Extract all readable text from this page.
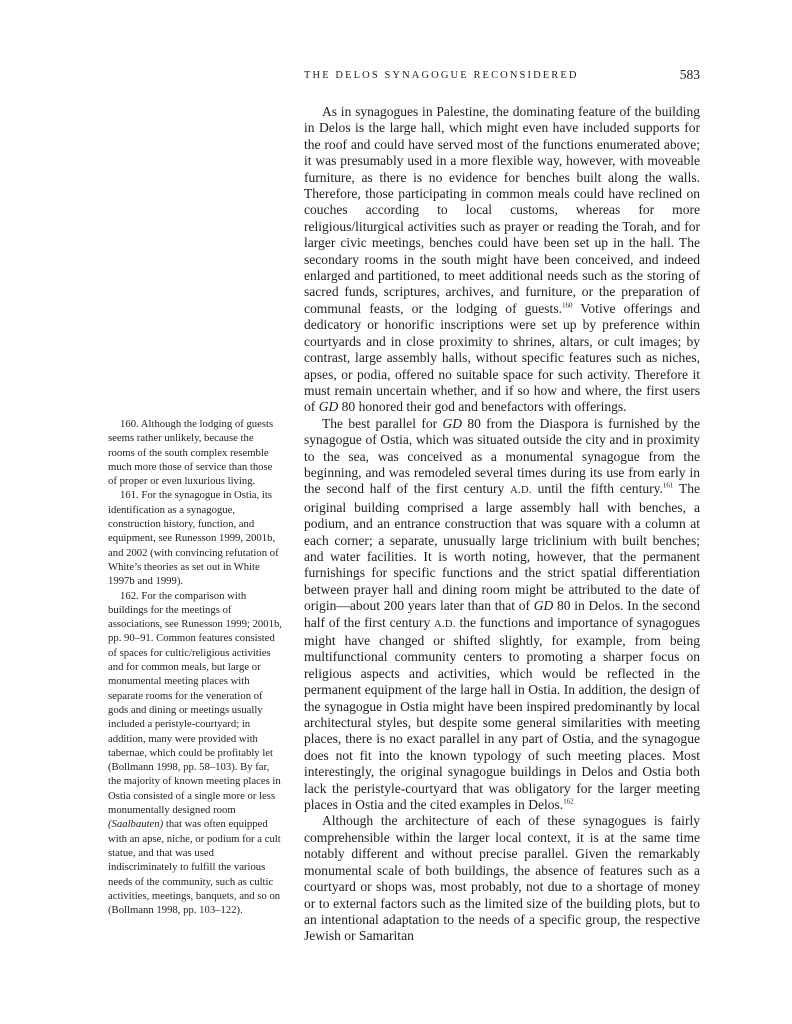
THE DELOS SYNAGOGUE RECONSIDERED	583

As in synagogues in Palestine, the dominating feature of the building in Delos is the large hall, which might even have included supports for the roof and could have served most of the functions enumerated above; it was presumably used in a more flexible way, however, with moveable furniture, as there is no evidence for benches built along the walls. Therefore, those participating in common meals could have reclined on couches according to local customs, whereas for more religious/liturgical activities such as prayer or reading the Torah, and for larger civic meetings, benches could have been set up in the hall. The secondary rooms in the south might have been conceived, and indeed enlarged and partitioned, to meet additional needs such as the storing of sacred funds, scriptures, archives, and furniture, or the preparation of communal feasts, or the lodging of guests.$^{160}$ Votive offerings and dedicatory or honorific inscriptions were set up by preference within courtyards and in close proximity to shrines, altars, or cult images; by contrast, large assembly halls, without specific features such as niches, apses, or podia, offered no suitable space for such activity. Therefore it must remain uncertain whether, and if so how and where, the first users of GD 80 honored their god and benefactors with offerings.

The best parallel for GD 80 from the Diaspora is furnished by the synagogue of Ostia, which was situated outside the city and in proximity to the sea, was conceived as a monumental synagogue from the beginning, and was remodeled several times during its use from early in the second half of the first century A.D. until the fifth century.$^{161}$ The original building comprised a large assembly hall with benches, a podium, and an entrance construction that was square with a column at each corner; a separate, unusually large triclinium with built benches; and water facilities. It is worth noting, however, that the permanent furnishings for specific functions and the strict spatial differentiation between prayer hall and dining room might be attributed to the date of origin—about 200 years later than that of GD 80 in Delos. In the second half of the first century A.D. the functions and importance of synagogues might have changed or shifted slightly, for example, from being multifunctional community centers to promoting a sharper focus on religious aspects and activities, which would be reflected in the permanent equipment of the large hall in Ostia. In addition, the design of the synagogue in Ostia might have been inspired predominantly by local architectural styles, but despite some general similarities with meeting places, there is no exact parallel in any part of Ostia, and the synagogue does not fit into the known typology of such meeting places. Most interestingly, the original synagogue buildings in Delos and Ostia both lack the peristyle-courtyard that was obligatory for the larger meeting places in Ostia and the cited examples in Delos.$^{162}$

Although the architecture of each of these synagogues is fairly comprehensible within the larger local context, it is at the same time notably different and without precise parallel. Given the remarkably monumental scale of both buildings, the absence of features such as a courtyard or shops was, most probably, not due to a shortage of money or to external factors such as the limited size of the building plots, but to an intentional adaptation to the needs of a specific group, the respective Jewish or Samaritan

160. Although the lodging of guests seems rather unlikely, because the rooms of the south complex resemble much more those of service than those of proper or even luxurious living.

161. For the synagogue in Ostia, its identification as a synagogue, construction history, function, and equipment, see Runesson 1999, 2001b, and 2002 (with convincing refutation of White’s theories as set out in White 1997b and 1999).

162. For the comparison with buildings for the meetings of associations, see Runesson 1999; 2001b, pp. 90–91. Common features consisted of spaces for cultic/religious activities and for common meals, but large or monumental meeting places with separate rooms for the veneration of gods and dining or meetings usually included a peristyle-courtyard; in addition, many were provided with tabernae, which could be profitably let (Bollmann 1998, pp. 58–103). By far, the majority of known meeting places in Ostia consisted of a single more or less monumentally designed room (Saalbauten) that was often equipped with an apse, niche, or podium for a cult statue, and that was used indiscriminately to fulfill the various needs of the community, such as cultic activities, meetings, banquets, and so on (Bollmann 1998, pp. 103–122).
